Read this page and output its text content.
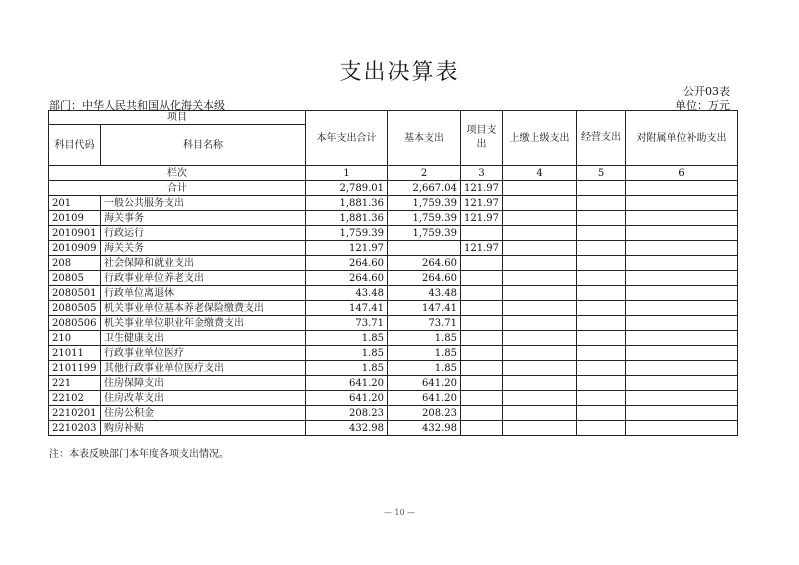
支出决算表
公开03表
部门：中华人民共和国从化海关本级	单位：万元
项目		本年支出合计	基本支出	项目支出	上缴上级支出	经营支出	对附属单位补助支出
科目代码	科目名称						
栏次		1	2	3	4	5	6
合计		2,789.01	2,667.04	121.97			
201	一般公共服务支出	1,881.36	1,759.39	121.97			
20109	海关事务	1,881.36	1,759.39	121.97			
2010901	行政运行	1,759.39	1,759.39				
2010909	海关关务	121.97		121.97			
208	社会保障和就业支出	264.60	264.60				
20805	行政事业单位养老支出	264.60	264.60				
2080501	行政单位离退休	43.48	43.48				
2080505	机关事业单位基本养老保险缴费支出	147.41	147.41				
2080506	机关事业单位职业年金缴费支出	73.71	73.71				
210	卫生健康支出	1.85	1.85				
21011	行政事业单位医疗	1.85	1.85				
2101199	其他行政事业单位医疗支出	1.85	1.85				
221	住房保障支出	641.20	641.20				
22102	住房改革支出	641.20	641.20				
2210201	住房公积金	208.23	208.23				
2210203	购房补贴	432.98	432.98				
注：本表反映部门本年度各项支出情况。
— 10 —
